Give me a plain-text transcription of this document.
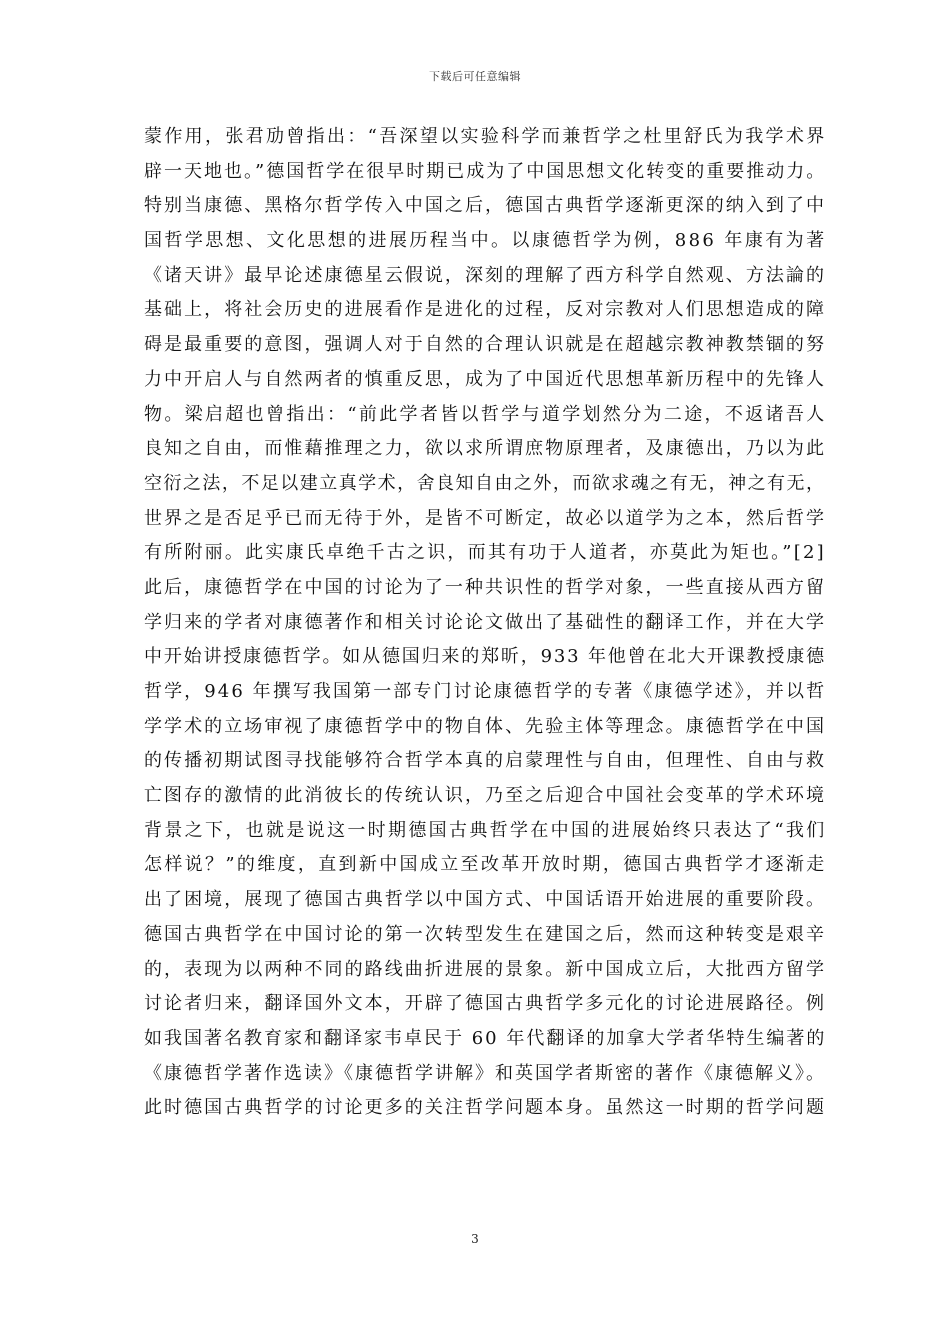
下载后可任意编辑
蒙作用，张君劢曾指出：“吾深望以实验科学而兼哲学之杜里舒氏为我学术界
辟一天地也。”德国哲学在很早时期已成为了中国思想文化转变的重要推动力。
特别当康德、黑格尔哲学传入中国之后，德国古典哲学逐渐更深的纳入到了中
国哲学思想、文化思想的进展历程当中。以康德哲学为例，886 年康有为著
《诸天讲》最早论述康德星云假说，深刻的理解了西方科学自然观、方法論的
基础上，将社会历史的进展看作是进化的过程，反对宗教对人们思想造成的障
碍是最重要的意图，强调人对于自然的合理认识就是在超越宗教神教禁锢的努
力中开启人与自然两者的慎重反思，成为了中国近代思想革新历程中的先锋人
物。梁启超也曾指出：“前此学者皆以哲学与道学划然分为二途，不返诸吾人
良知之自由，而惟藉推理之力，欲以求所谓庶物原理者，及康德出，乃以为此
空衍之法，不足以建立真学术，舍良知自由之外，而欲求魂之有无，神之有无，
世界之是否足乎已而无待于外，是皆不可断定，故必以道学为之本，然后哲学
有所附丽。此实康氏卓绝千古之识，而其有功于人道者，亦莫此为矩也。”[2]
此后，康德哲学在中国的讨论为了一种共识性的哲学对象，一些直接从西方留
学归来的学者对康德著作和相关讨论论文做出了基础性的翻译工作，并在大学
中开始讲授康德哲学。如从德国归来的郑昕，933 年他曾在北大开课教授康德
哲学，946 年撰写我国第一部专门讨论康德哲学的专著《康德学述》，并以哲
学学术的立场审视了康德哲学中的物自体、先验主体等理念。康德哲学在中国
的传播初期试图寻找能够符合哲学本真的启蒙理性与自由，但理性、自由与救
亡图存的激情的此消彼长的传统认识，乃至之后迎合中国社会变革的学术环境
背景之下，也就是说这一时期德国古典哲学在中国的进展始终只表达了“我们
怎样说？”的维度，直到新中国成立至改革开放时期，德国古典哲学才逐渐走
出了困境，展现了德国古典哲学以中国方式、中国话语开始进展的重要阶段。
德国古典哲学在中国讨论的第一次转型发生在建国之后，然而这种转变是艰辛
的，表现为以两种不同的路线曲折进展的景象。新中国成立后，大批西方留学
讨论者归来，翻译国外文本，开辟了德国古典哲学多元化的讨论进展路径。例
如我国著名教育家和翻译家韦卓民于 60 年代翻译的加拿大学者华特生编著的
《康德哲学著作选读》《康德哲学讲解》和英国学者斯密的著作《康德解义》。
此时德国古典哲学的讨论更多的关注哲学问题本身。虽然这一时期的哲学问题
3
